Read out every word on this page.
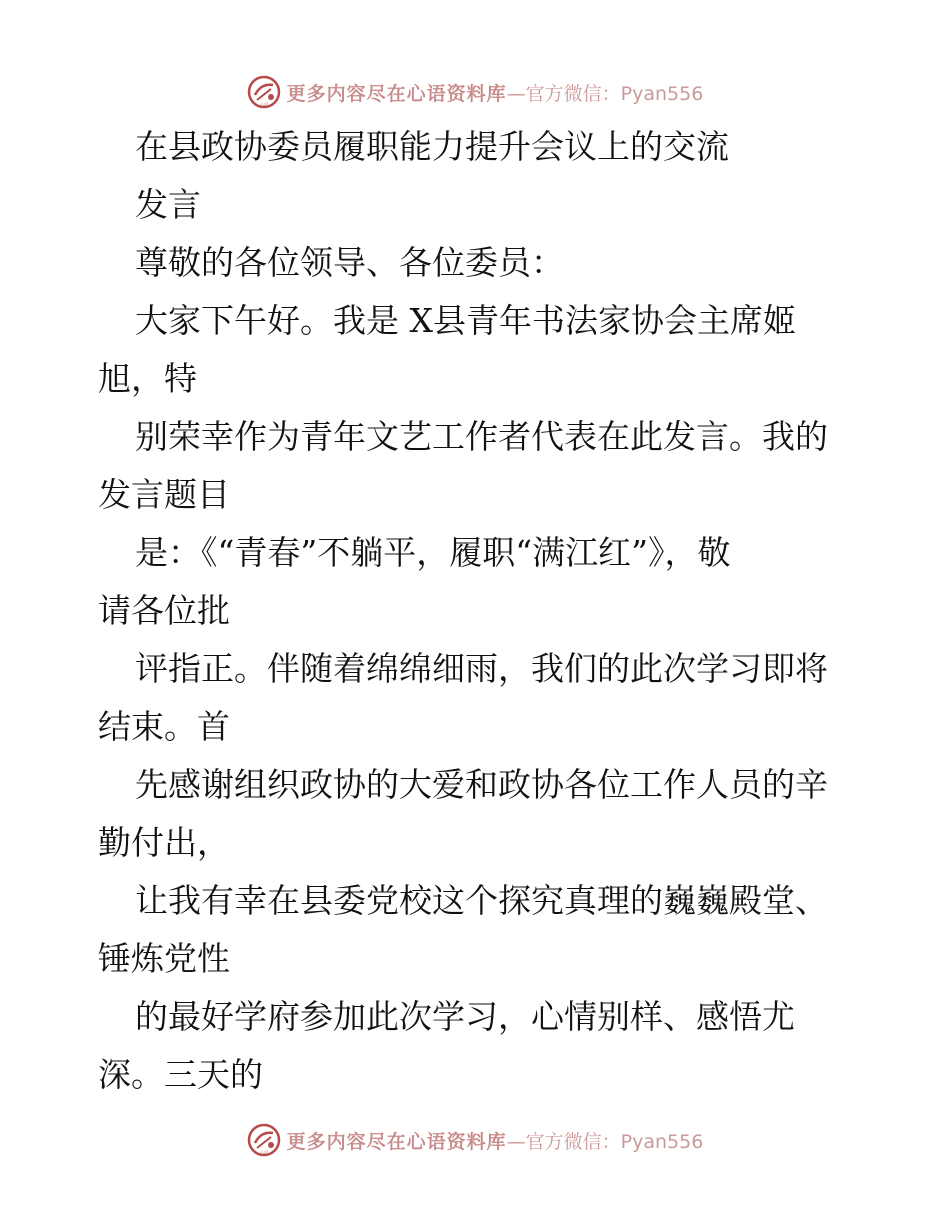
心语 更多内容尽在心语资料库 —官方微信：Pyan556
在县政协委员履职能力提升会议上的交流
发言
尊敬的各位领导、各位委员：
大家下午好。我是 X县青年书法家协会主席姬
旭，特
别荣幸作为青年文艺工作者代表在此发言。我的
发言题目
是：《“青春”不躺平，履职“满江红”》，敬
请各位批
评指正。伴随着绵绵细雨，我们的此次学习即将
结束。首
先感谢组织政协的大爱和政协各位工作人员的辛
勤付出，
让我有幸在县委党校这个探究真理的巍巍殿堂、
锤炼党性
的最好学府参加此次学习，心情别样、感悟尤
深。三天的
心语 更多内容尽在心语资料库 —官方微信：Pyan556
